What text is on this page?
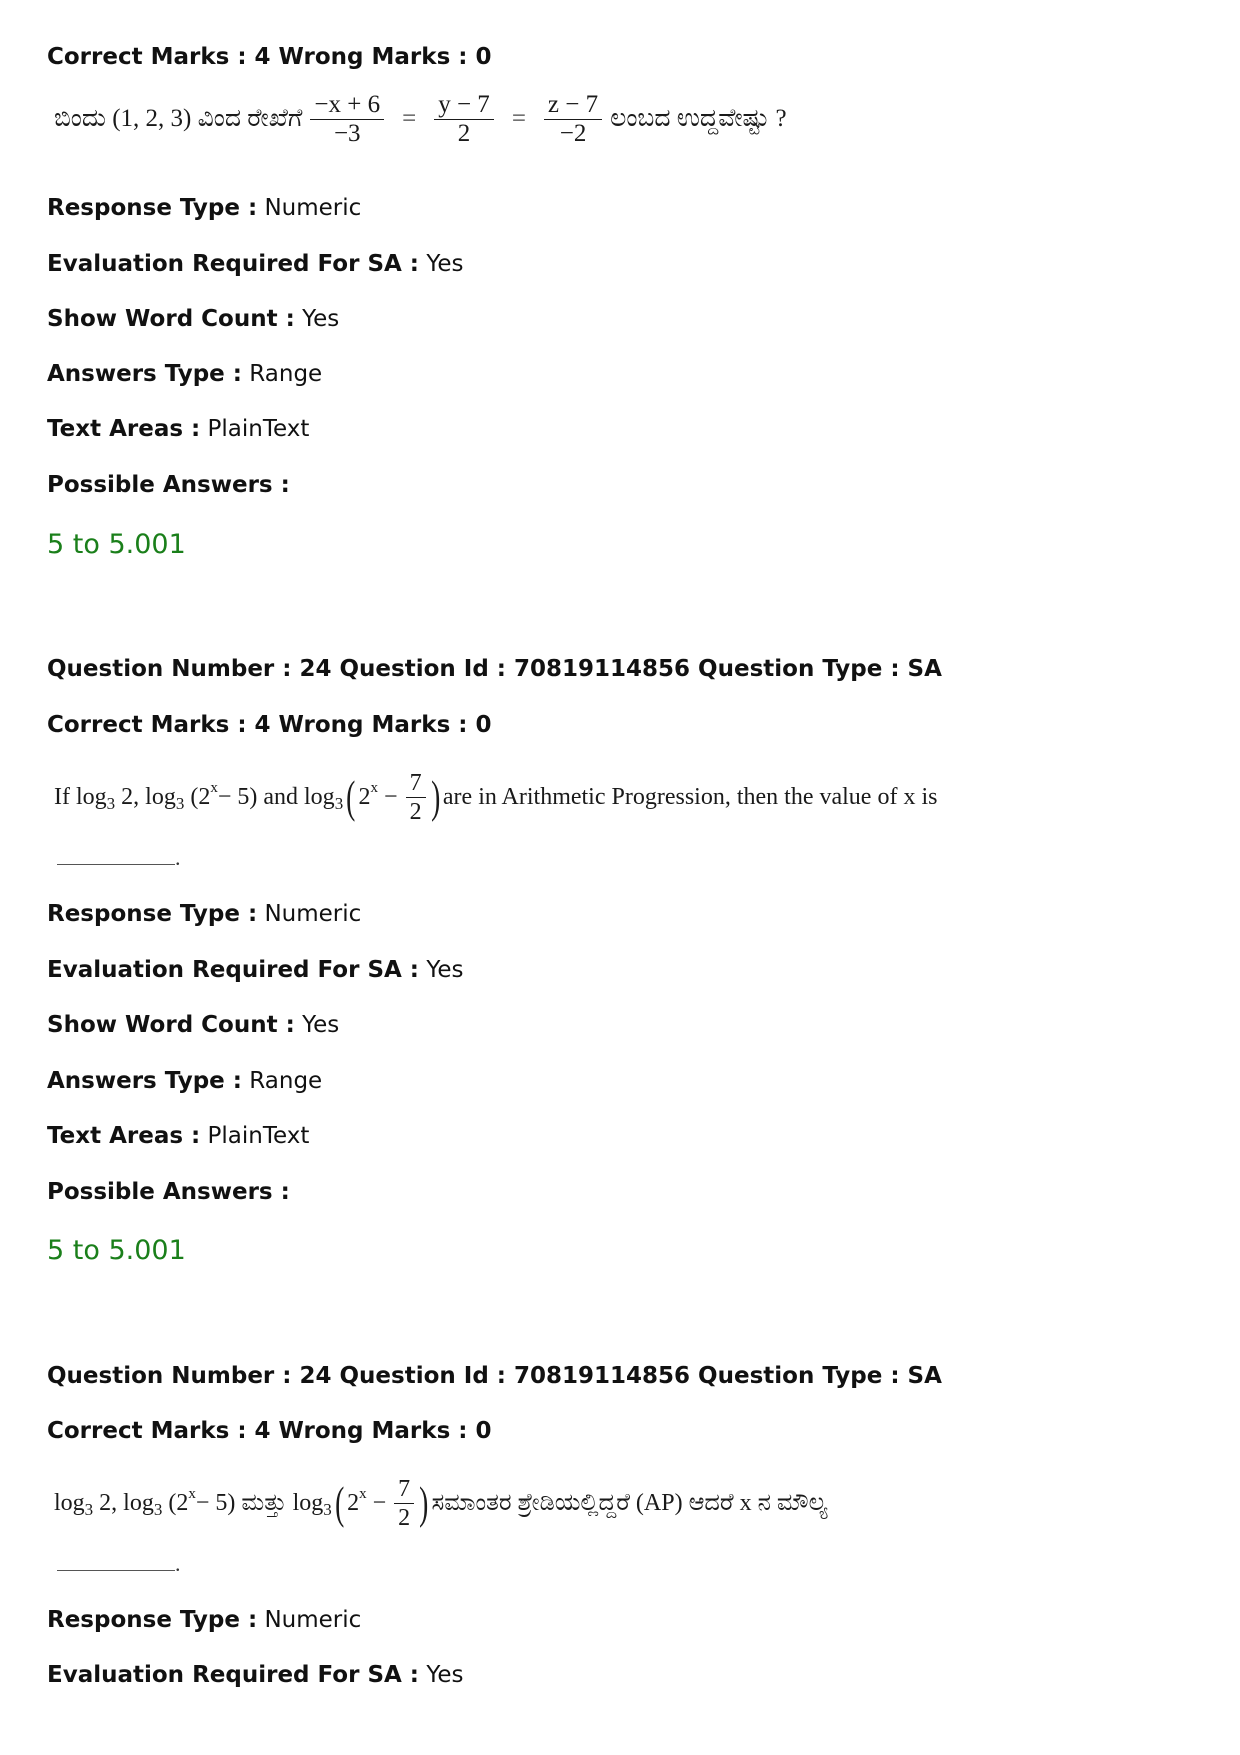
Correct Marks : 4 Wrong Marks : 0
ಬಿಂದು (1, 2, 3) ವಿಂದ ರೇಖೆಗೆ $\frac{-x + 6}{-3} = \frac{y - 7}{2} = \frac{z - 7}{-2}$ ಲಂಬದ ಉದ್ದವೇಷ್ಟು ?
Response Type : Numeric
Evaluation Required For SA : Yes
Show Word Count : Yes
Answers Type : Range
Text Areas : PlainText
Possible Answers :
5 to 5.001
Question Number : 24 Question Id : 70819114856 Question Type : SA
Correct Marks : 4 Wrong Marks : 0
If log 3
2, log 3
(2 x − 5) and log 3 ( 2 $x - \frac{7}{2}$ ) are in Arithmetic Progression, then the value of x is
.
Response Type : Numeric
Evaluation Required For SA : Yes
Show Word Count : Yes
Answers Type : Range
Text Areas : PlainText
Possible Answers :
5 to 5.001
Question Number : 24 Question Id : 70819114856 Question Type : SA
Correct Marks : 4 Wrong Marks : 0
log 3
2, log 3
(2 x − 5) ಮತ್ತು log 3 ( 2 $x - \frac{7}{2}$ ) ಸಮಾಂತರ ಶ್ರೇಡಿಯಲ್ಲಿದ್ದರೆ (AP) ಆದರೆ x ನ ಮೌಲ್ಯ
.
Response Type : Numeric
Evaluation Required For SA : Yes
